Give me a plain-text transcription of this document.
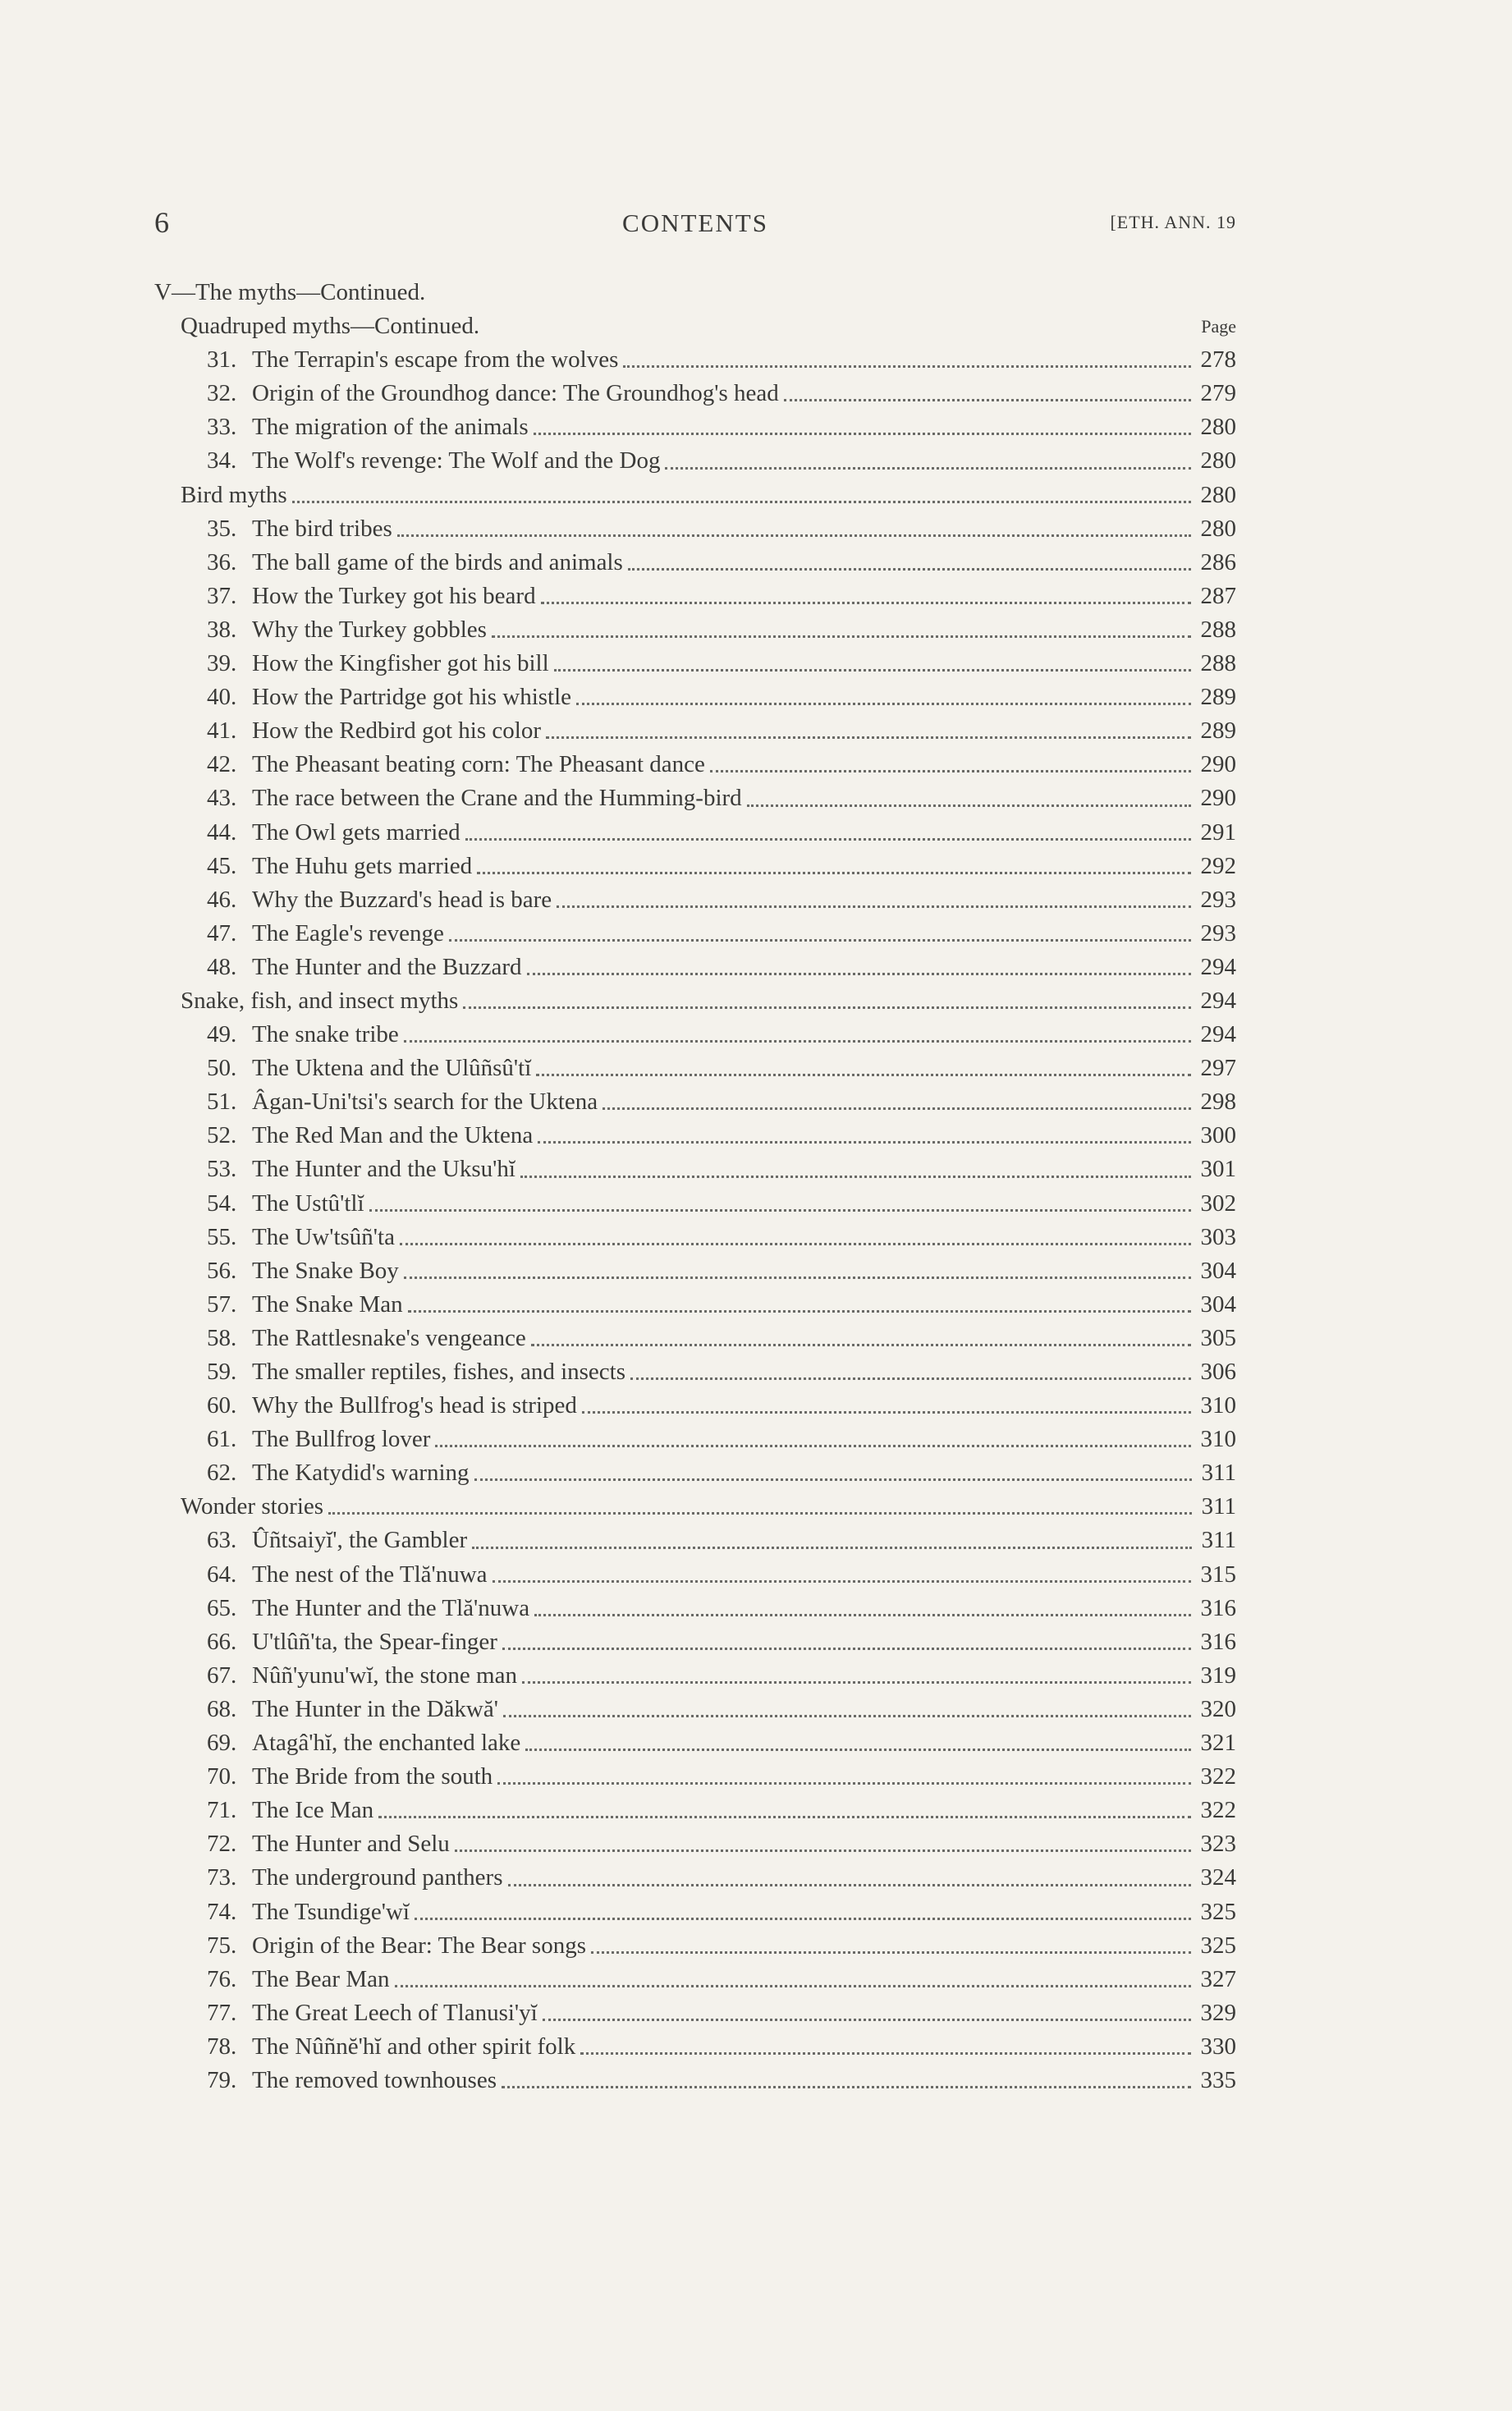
6	CONTENTS	[ETH. ANN. 19
V—The myths—Continued.
Quadruped myths—Continued.	Page
31. The Terrapin's escape from the wolves	278
32. Origin of the Groundhog dance: The Groundhog's head	279
33. The migration of the animals	280
34. The Wolf's revenge: The Wolf and the Dog	280
Bird myths	280
35. The bird tribes	280
36. The ball game of the birds and animals	286
37. How the Turkey got his beard	287
38. Why the Turkey gobbles	288
39. How the Kingfisher got his bill	288
40. How the Partridge got his whistle	289
41. How the Redbird got his color	289
42. The Pheasant beating corn: The Pheasant dance	290
43. The race between the Crane and the Humming-bird	290
44. The Owl gets married	291
45. The Huhu gets married	292
46. Why the Buzzard's head is bare	293
47. The Eagle's revenge	293
48. The Hunter and the Buzzard	294
Snake, fish, and insect myths	294
49. The snake tribe	294
50. The Uktena and the Ulûñsû'tĭ	297
51. Âgan-Uni'tsi's search for the Uktena	298
52. The Red Man and the Uktena	300
53. The Hunter and the Uksu'hĭ	301
54. The Ustû'tlĭ	302
55. The Uw'tsûñ'ta	303
56. The Snake Boy	304
57. The Snake Man	304
58. The Rattlesnake's vengeance	305
59. The smaller reptiles, fishes, and insects	306
60. Why the Bullfrog's head is striped	310
61. The Bullfrog lover	310
62. The Katydid's warning	311
Wonder stories	311
63. Ûñtsaiyĭ', the Gambler	311
64. The nest of the Tlă'nuwa	315
65. The Hunter and the Tlă'nuwa	316
66. U'tlûñ'ta, the Spear-finger	316
67. Nûñ'yunu'wĭ, the stone man	319
68. The Hunter in the Dăkwă'	320
69. Atagâ'hĭ, the enchanted lake	321
70. The Bride from the south	322
71. The Ice Man	322
72. The Hunter and Selu	323
73. The underground panthers	324
74. The Tsundige'wĭ	325
75. Origin of the Bear: The Bear songs	325
76. The Bear Man	327
77. The Great Leech of Tlanusi'yĭ	329
78. The Nûñnĕ'hĭ and other spirit folk	330
79. The removed townhouses	335
